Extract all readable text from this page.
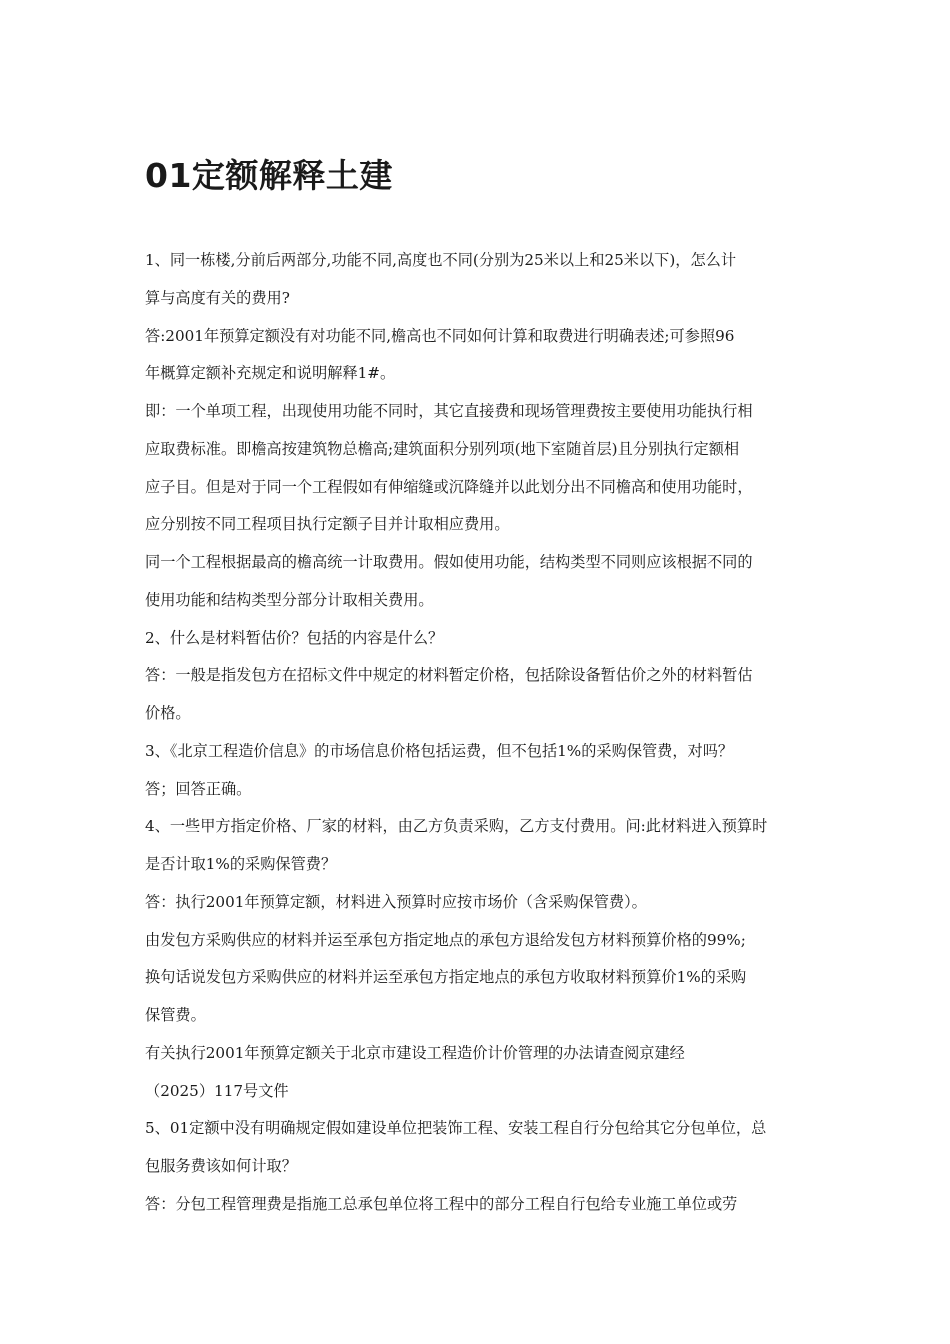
01定额解释土建
1、同一栋楼,分前后两部分,功能不同,高度也不同(分别为25米以上和25米以下)，怎么计
算与高度有关的费用?
答:2001年预算定额没有对功能不同,檐高也不同如何计算和取费进行明确表述;可参照96
年概算定额补充规定和说明解释1#。
即：一个单项工程，出现使用功能不同时，其它直接费和现场管理费按主要使用功能执行相
应取费标准。即檐高按建筑物总檐高;建筑面积分别列项(地下室随首层)且分别执行定额相
应子目。但是对于同一个工程假如有伸缩缝或沉降缝并以此划分出不同檐高和使用功能时，
应分别按不同工程项目执行定额子目并计取相应费用。
同一个工程根据最高的檐高统一计取费用。假如使用功能，结构类型不同则应该根据不同的
使用功能和结构类型分部分计取相关费用。
2、什么是材料暂估价？包括的内容是什么？
答：一般是指发包方在招标文件中规定的材料暂定价格，包括除设备暂估价之外的材料暂估
价格。
3、《北京工程造价信息》的市场信息价格包括运费，但不包括1%的采购保管费，对吗？
答；回答正确。
4、一些甲方指定价格、厂家的材料，由乙方负责采购，乙方支付费用。问:此材料进入预算时
是否计取1%的采购保管费？
答：执行2001年预算定额，材料进入预算时应按市场价（含采购保管费）。
由发包方采购供应的材料并运至承包方指定地点的承包方退给发包方材料预算价格的99%;
换句话说发包方采购供应的材料并运至承包方指定地点的承包方收取材料预算价1%的采购
保管费。
有关执行2001年预算定额关于北京市建设工程造价计价管理的办法请查阅京建经
（2025）117号文件
5、01定额中没有明确规定假如建设单位把装饰工程、安装工程自行分包给其它分包单位，总
包服务费该如何计取？
答：分包工程管理费是指施工总承包单位将工程中的部分工程自行包给专业施工单位或劳
